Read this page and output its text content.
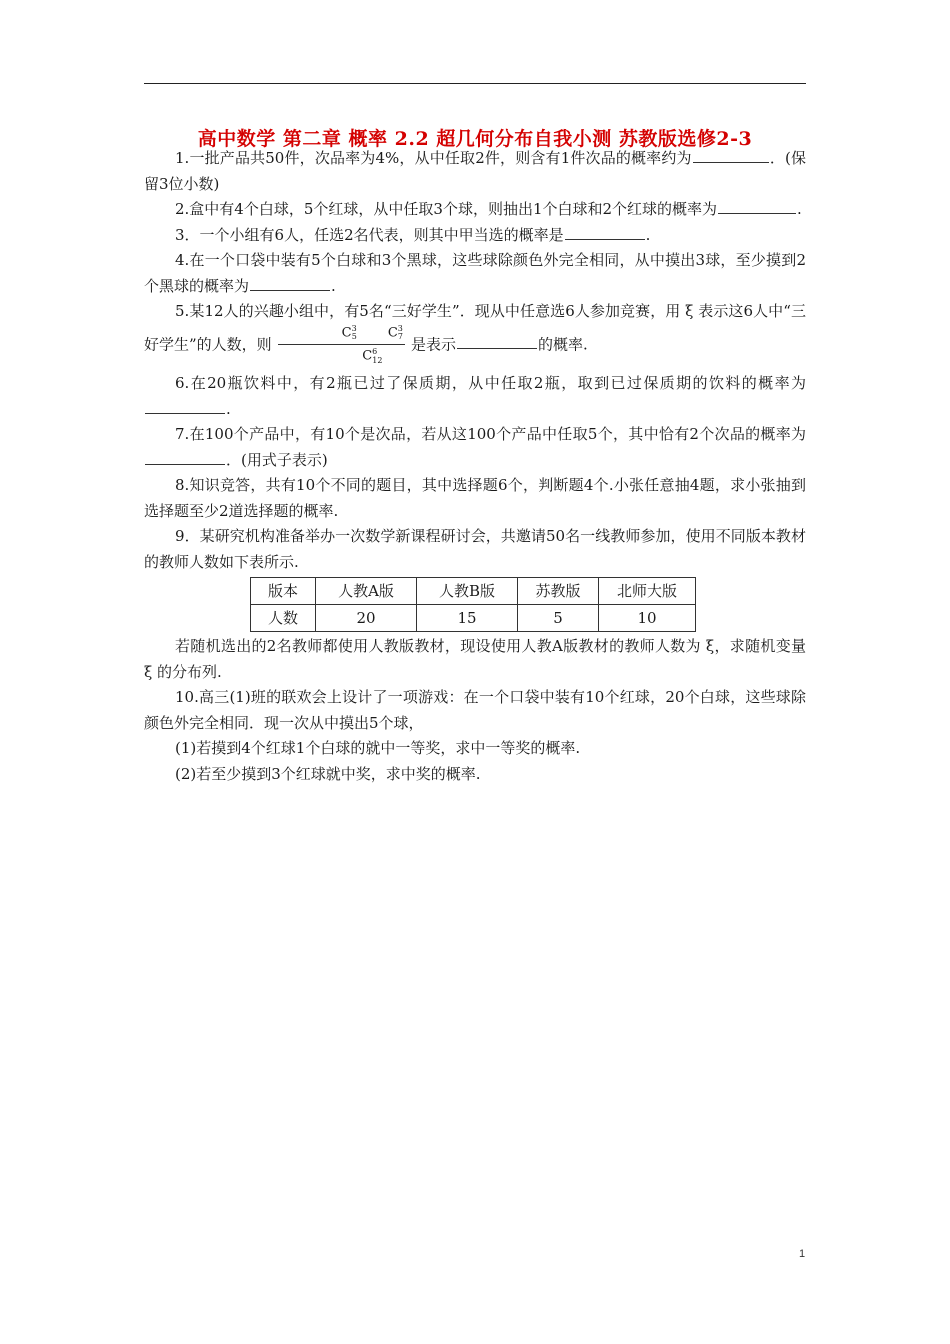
高中数学 第二章 概率 2.2 超几何分布自我小测 苏教版选修2-3

1.一批产品共50件，次品率为4%，从中任取2件，则含有1件次品的概率约为	．(保留3位小数)

2.盒中有4个白球，5个红球，从中任取3个球，则抽出1个白球和2个红球的概率为	.

3．一个小组有6人，任选2名代表，则其中甲当选的概率是	.

4.在一个口袋中装有5个白球和3个黑球，这些球除颜色外完全相同，从中摸出3球，至少摸到2个黑球的概率为	.

5.某12人的兴趣小组中，有5名“三好学生”．现从中任意选6人参加竞赛，用 ξ 表示这6人中“三好学生”的人数，则 $\frac{C^3_5 C^3_7}{C^6_{12}}$ 是表示	的概率.

6.在20瓶饮料中，有2瓶已过了保质期，从中任取2瓶，取到已过保质期的饮料的概率为.

7.在100个产品中，有10个是次品，若从这100个产品中任取5个，其中恰有2个次品的概率为．(用式子表示)

8.知识竞答，共有10个不同的题目，其中选择题6个，判断题4个.小张任意抽4题，求小张抽到选择题至少2道选择题的概率.

9．某研究机构准备举办一次数学新课程研讨会，共邀请50名一线教师参加，使用不同版本教材的教师人数如下表所示.

版本	人教A版	人教B版	苏教版	北师大版
人数	20	15	5	10

若随机选出的2名教师都使用人教版教材，现设使用人教A版教材的教师人数为 ξ，求随机变量 ξ 的分布列.

10.高三(1)班的联欢会上设计了一项游戏：在一个口袋中装有10个红球，20个白球，这些球除颜色外完全相同．现一次从中摸出5个球，

(1)若摸到4个红球1个白球的就中一等奖，求中一等奖的概率.

(2)若至少摸到3个红球就中奖，求中奖的概率.

1
